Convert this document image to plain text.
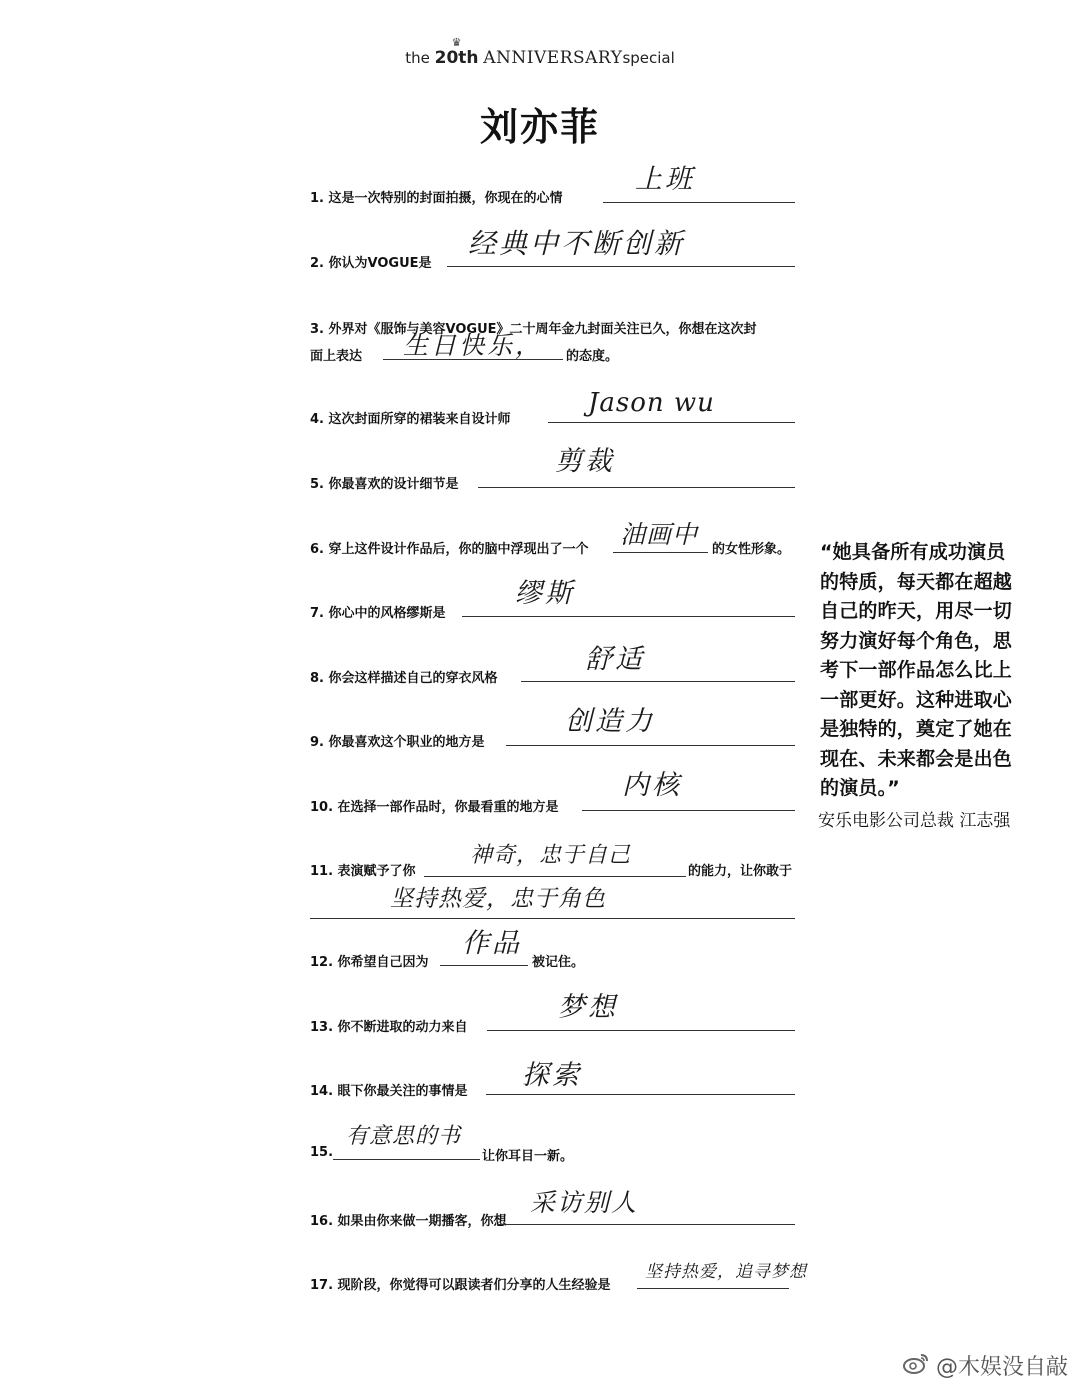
the
♛
20th ANNIVERSARYspecial
刘亦菲
1. 这是一次特别的封面拍摄，你现在的心情
上班
2. 你认为VOGUE是
经典中不断创新
3. 外界对《服饰与美容VOGUE》二十周年金九封面关注已久，你想在这次封
面上表达 生日快乐， 的态度。
4. 这次封面所穿的裙装来自设计师
Jason wu
5. 你最喜欢的设计细节是
剪裁
6. 穿上这件设计作品后，你的脑中浮现出了一个
油画中
的女性形象。
7. 你心中的风格缪斯是
缪斯
8. 你会这样描述自己的穿衣风格
舒适
9. 你最喜欢这个职业的地方是
创造力
10. 在选择一部作品时，你最看重的地方是
内核
11. 表演赋予了你
神奇，忠于自己
的能力，让你敢于
坚持热爱，忠于角色
12. 你希望自己因为
作品
被记住。
13. 你不断进取的动力来自
梦想
14. 眼下你最关注的事情是
探索
15.
有意思的书
让你耳目一新。
16. 如果由你来做一期播客，你想
采访别人
17. 现阶段，你觉得可以跟读者们分享的人生经验是
坚持热爱，追寻梦想
“她具备所有成功演员的特质，每天都在超越自己的昨天，用尽一切努力演好每个角色，思考下一部作品怎么比上一部更好。这种进取心是独特的，奠定了她在现在、未来都会是出色的演员。”
安乐电影公司总裁 江志强
@木娱没自敲
